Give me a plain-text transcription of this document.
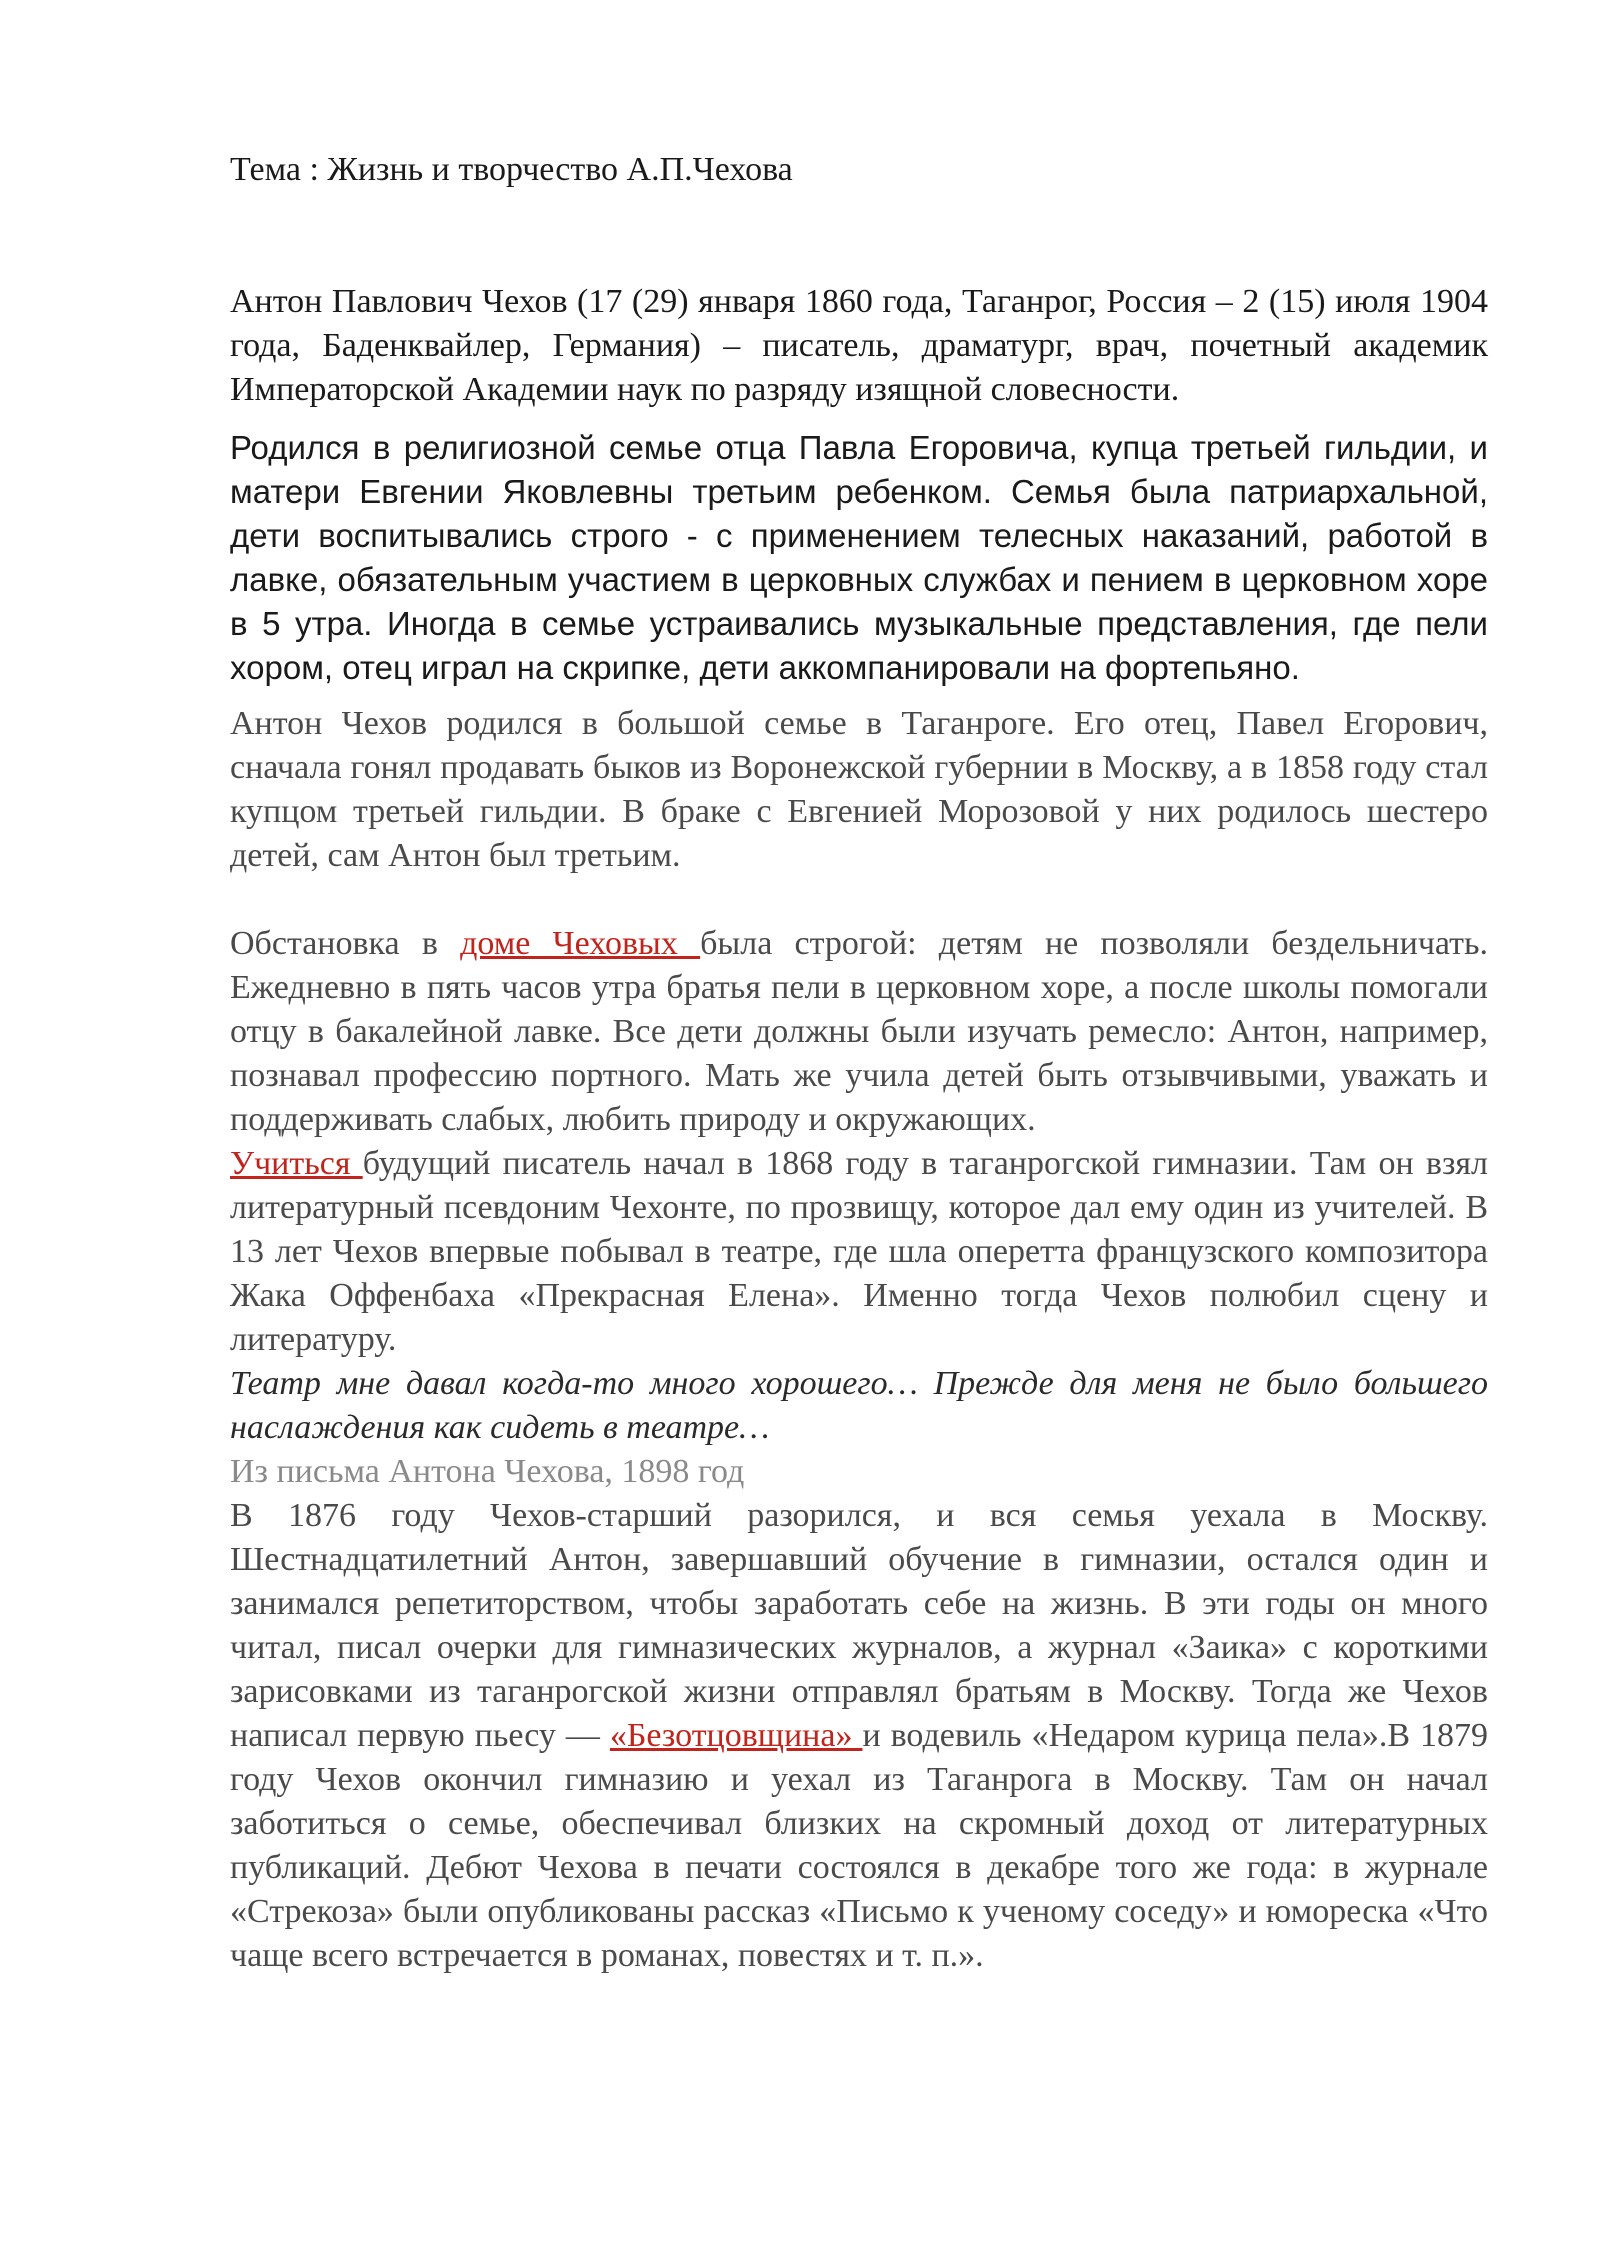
Тема : Жизнь и творчество А.П.Чехова

Антон Павлович Чехов (17 (29) января 1860 года, Таганрог, Россия – 2 (15) июля 1904 года, Баденквайлер, Германия) – писатель, драматург, врач, почетный академик Императорской Академии наук по разряду изящной словесности.

Родился в религиозной семье отца Павла Егоровича, купца третьей гильдии, и матери Евгении Яковлевны третьим ребенком. Семья была патриархальной, дети воспитывались строго - с применением телесных наказаний, работой в лавке, обязательным участием в церковных службах и пением в церковном хоре в 5 утра. Иногда в семье устраивались музыкальные представления, где пели хором, отец играл на скрипке, дети аккомпанировали на фортепьяно.

Антон Чехов родился в большой семье в Таганроге. Его отец, Павел Егорович, сначала гонял продавать быков из Воронежской губернии в Москву, а в 1858 году стал купцом третьей гильдии. В браке с Евгенией Морозовой у них родилось шестеро детей, сам Антон был третьим.

Обстановка в доме Чеховых была строгой: детям не позволяли бездельничать. Ежедневно в пять часов утра братья пели в церковном хоре, а после школы помогали отцу в бакалейной лавке. Все дети должны были изучать ремесло: Антон, например, познавал профессию портного. Мать же учила детей быть отзывчивыми, уважать и поддерживать слабых, любить природу и окружающих.

Учиться будущий писатель начал в 1868 году в таганрогской гимназии. Там он взял литературный псевдоним Чехонте, по прозвищу, которое дал ему один из учителей. В 13 лет Чехов впервые побывал в театре, где шла оперетта французского композитора Жака Оффенбаха «Прекрасная Елена». Именно тогда Чехов полюбил сцену и литературу.

Театр мне давал когда-то много хорошего… Прежде для меня не было большего наслаждения как сидеть в театре…

Из письма Антона Чехова, 1898 год

В 1876 году Чехов-старший разорился, и вся семья уехала в Москву. Шестнадцатилетний Антон, завершавший обучение в гимназии, остался один и занимался репетиторством, чтобы заработать себе на жизнь. В эти годы он много читал, писал очерки для гимназических журналов, а журнал «Заика» с короткими зарисовками из таганрогской жизни отправлял братьям в Москву. Тогда же Чехов написал первую пьесу — «Безотцовщина» и водевиль «Недаром курица пела».В 1879 году Чехов окончил гимназию и уехал из Таганрога в Москву. Там он начал заботиться о семье, обеспечивал близких на скромный доход от литературных публикаций. Дебют Чехова в печати состоялся в декабре того же года: в журнале «Стрекоза» были опубликованы рассказ «Письмо к ученому соседу» и юмореска «Что чаще всего встречается в романах, повестях и т. п.».
